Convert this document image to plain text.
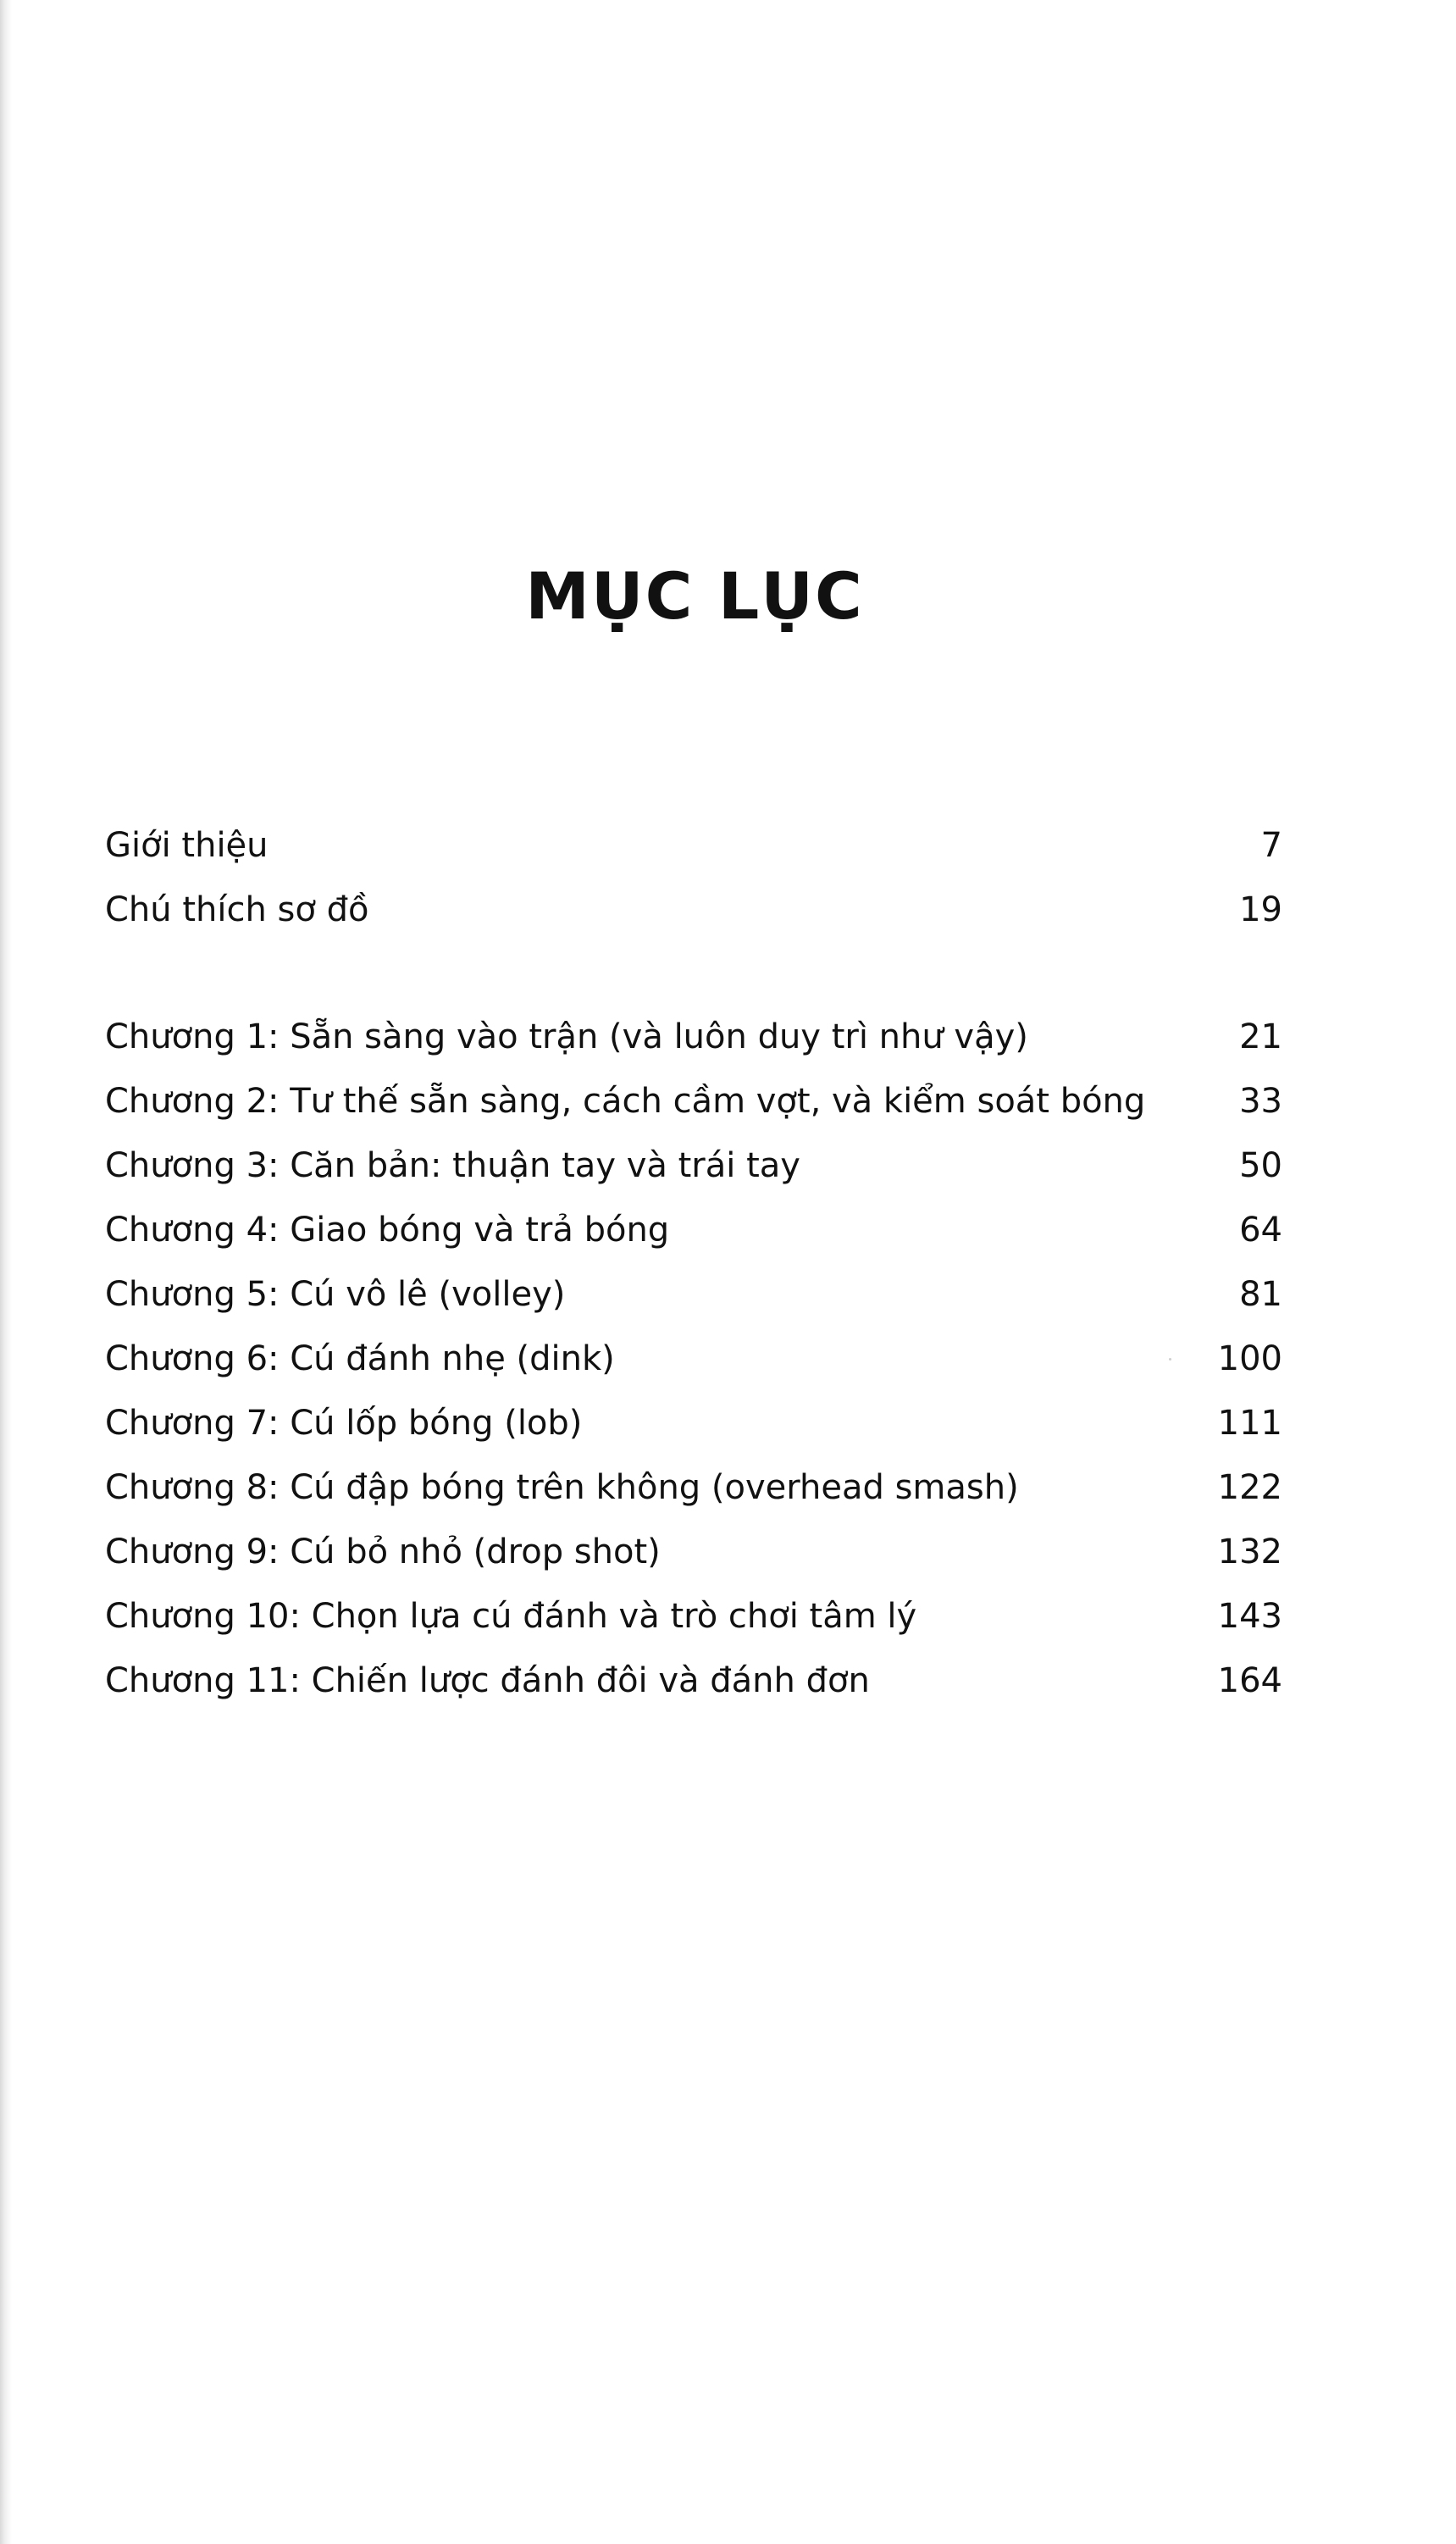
MỤC LỤC
Giới thiệu	7
Chú thích sơ đồ	19
Chương 1: Sẵn sàng vào trận (và luôn duy trì như vậy)	21
Chương 2: Tư thế sẵn sàng, cách cầm vợt, và kiểm soát bóng	33
Chương 3: Căn bản: thuận tay và trái tay	50
Chương 4: Giao bóng và trả bóng	64
Chương 5: Cú vô lê (volley)	81
Chương 6: Cú đánh nhẹ (dink)	100
Chương 7: Cú lốp bóng (lob)	111
Chương 8: Cú đập bóng trên không (overhead smash)	122
Chương 9: Cú bỏ nhỏ (drop shot)	132
Chương 10: Chọn lựa cú đánh và trò chơi tâm lý	143
Chương 11: Chiến lược đánh đôi và đánh đơn	164
